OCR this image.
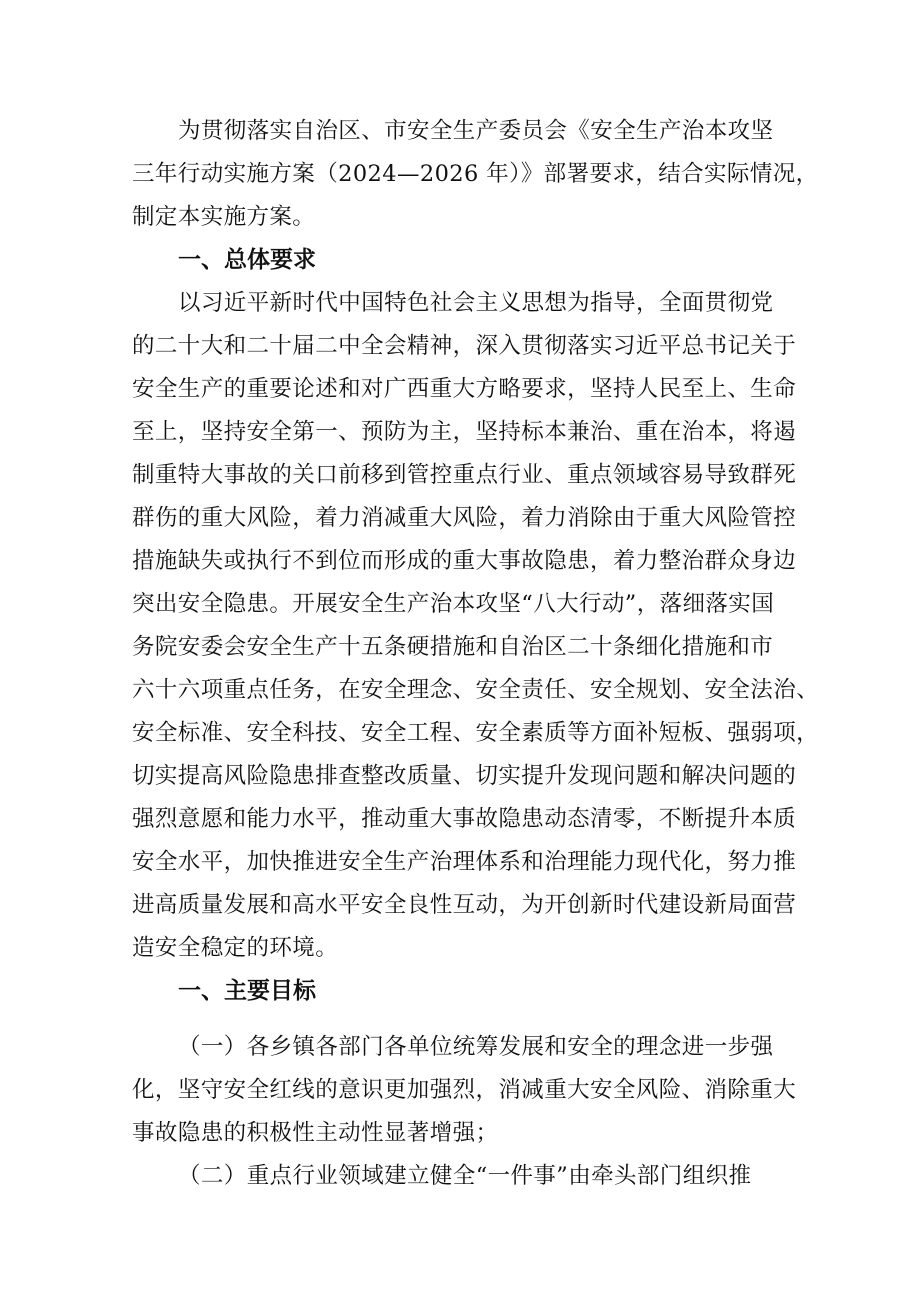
为贯彻落实自治区、市安全生产委员会《安全生产治本攻坚
三年行动实施方案（2024—2026 年）》部署要求，结合实际情况，
制定本实施方案。
一、总体要求
以习近平新时代中国特色社会主义思想为指导，全面贯彻党
的二十大和二十届二中全会精神，深入贯彻落实习近平总书记关于
安全生产的重要论述和对广西重大方略要求，坚持人民至上、生命
至上，坚持安全第一、预防为主，坚持标本兼治、重在治本，将遏
制重特大事故的关口前移到管控重点行业、重点领域容易导致群死
群伤的重大风险，着力消减重大风险，着力消除由于重大风险管控
措施缺失或执行不到位而形成的重大事故隐患，着力整治群众身边
突出安全隐患。开展安全生产治本攻坚“八大行动”，落细落实国
务院安委会安全生产十五条硬措施和自治区二十条细化措施和市
六十六项重点任务，在安全理念、安全责任、安全规划、安全法治、
安全标准、安全科技、安全工程、安全素质等方面补短板、强弱项，
切实提高风险隐患排查整改质量、切实提升发现问题和解决问题的
强烈意愿和能力水平，推动重大事故隐患动态清零，不断提升本质
安全水平，加快推进安全生产治理体系和治理能力现代化，努力推
进高质量发展和高水平安全良性互动，为开创新时代建设新局面营
造安全稳定的环境。
一、主要目标
（一）各乡镇各部门各单位统筹发展和安全的理念进一步强
化，坚守安全红线的意识更加强烈，消减重大安全风险、消除重大
事故隐患的积极性主动性显著增强；
（二）重点行业领域建立健全“一件事”由牵头部门组织推
